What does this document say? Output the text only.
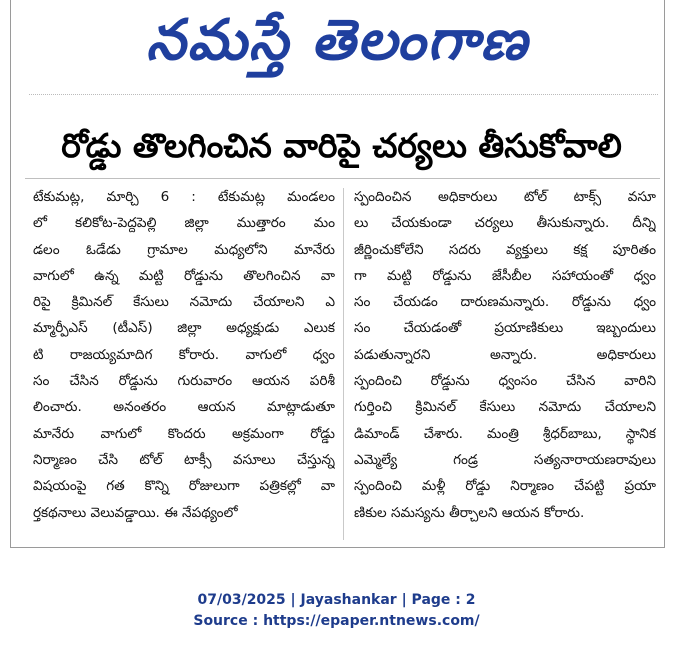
నమస్తే తెలంగాణ
రోడ్డు తొలగించిన వారిపై చర్యలు తీసుకోవాలి
టేకుమట్ల, మార్చి 6 : టేకుమట్ల మండలం
లో కలికోట-పెద్దపెల్లి జిల్లా ముత్తారం మం
డలం ఓడేడు గ్రామాల మధ్యలోని మానేరు
వాగులో ఉన్న మట్టి రోడ్డును తొలగించిన వా
రిపై క్రిమినల్ కేసులు నమోదు చేయాలని ఎ
మ్మార్పీఎస్ (టీఎస్) జిల్లా అధ్యక్షుడు ఎలుక
టి రాజయ్యమాదిగ కోరారు. వాగులో ధ్వం
సం చేసిన రోడ్డును గురువారం ఆయన పరిశీ
లించారు. అనంతరం ఆయన మాట్లాడుతూ
మానేరు వాగులో కొందరు అక్రమంగా రోడ్డు
నిర్మాణం చేసి టోల్ టాక్సీ వసూలు చేస్తున్న
విషయంపై గత కొన్ని రోజులుగా పత్రికల్లో వా
ర్తకథనాలు వెలువడ్డాయి. ఈ నేపథ్యంలో
స్పందించిన అధికారులు టోల్ టాక్స్ వసూ
లు చేయకుండా చర్యలు తీసుకున్నారు. దీన్ని
జీర్ణించుకోలేని సదరు వ్యక్తులు కక్ష పూరితం
గా మట్టి రోడ్డును జేసీబీల సహాయంతో ధ్వం
సం చేయడం దారుణమన్నారు. రోడ్డును ధ్వం
సం చేయడంతో ప్రయాణికులు ఇబ్బందులు
పడుతున్నారని అన్నారు. అధికారులు
స్పందించి రోడ్డును ధ్వంసం చేసిన వారిని
గుర్తించి క్రిమినల్ కేసులు నమోదు చేయాలని
డిమాండ్ చేశారు. మంత్రి శ్రీధర్‌బాబు, స్థానిక
ఎమ్మెల్యే గండ్ర సత్యనారాయణరావులు
స్పందించి మళ్లీ రోడ్డు నిర్మాణం చేపట్టి ప్రయా
ణికుల సమస్యను తీర్చాలని ఆయన కోరారు.
07/03/2025 | Jayashankar | Page : 2
Source : https://epaper.ntnews.com/
